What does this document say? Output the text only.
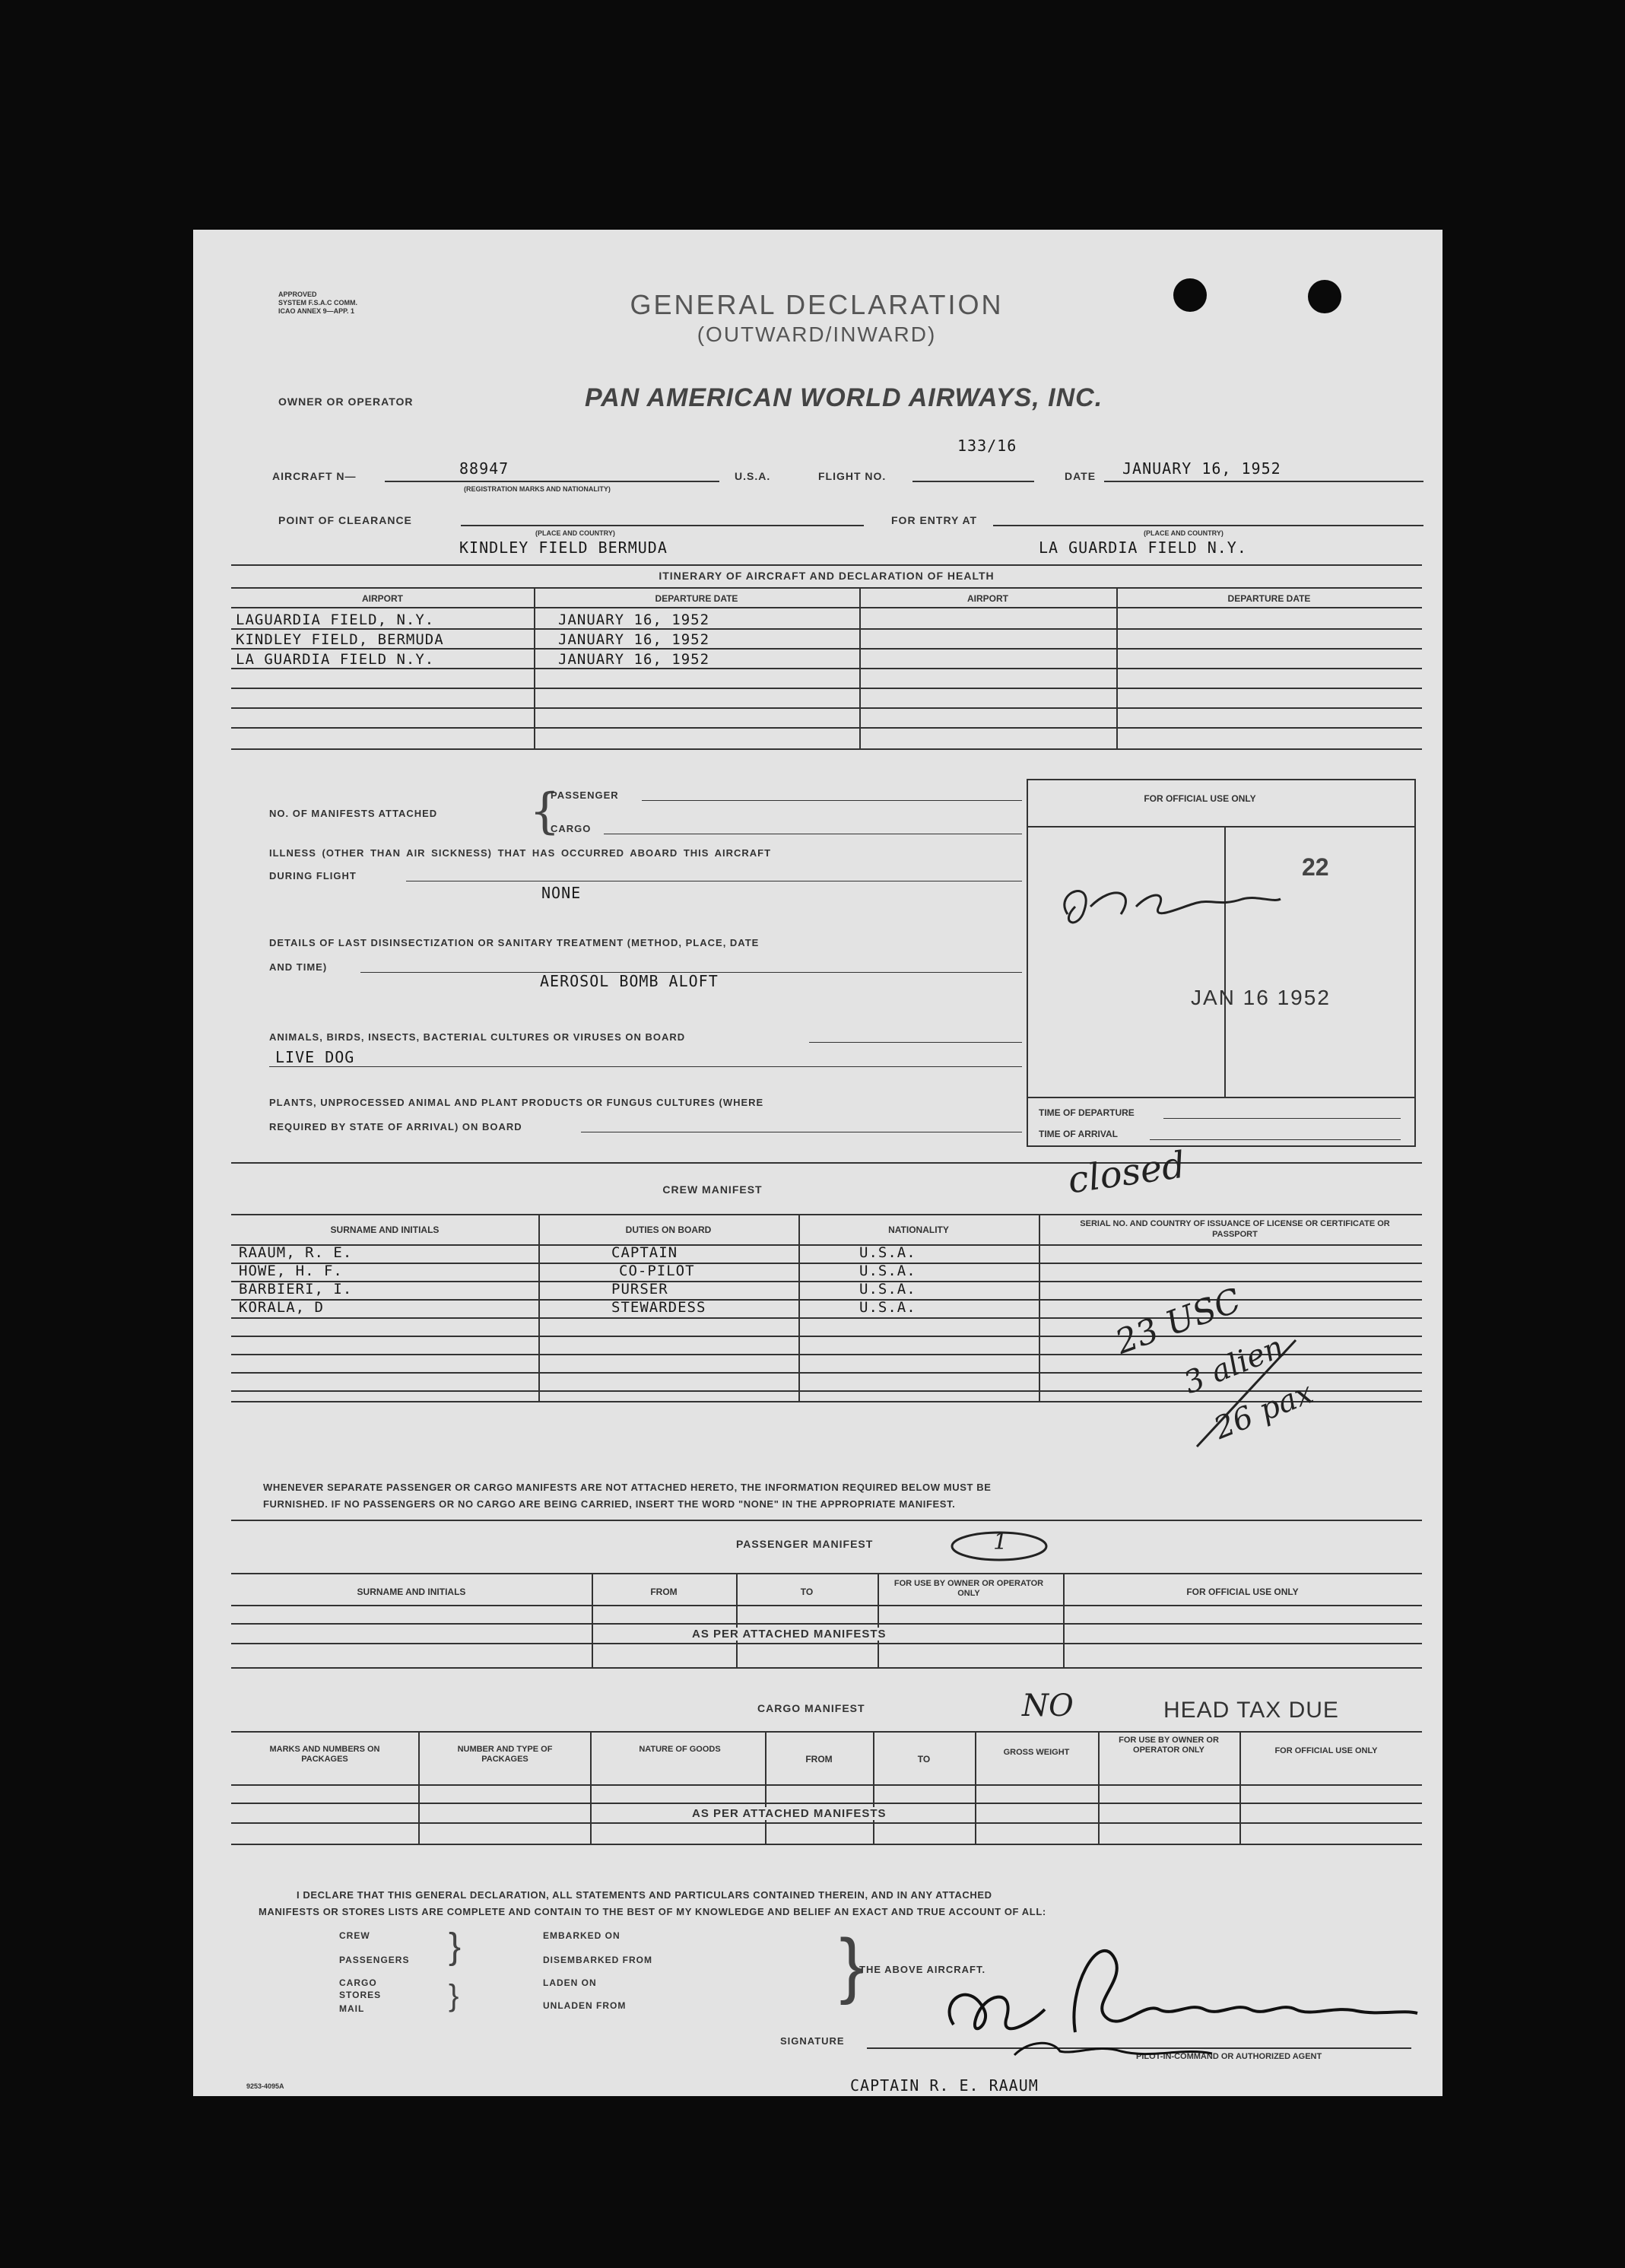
APPROVED
SYSTEM F.S.A.C COMM.
ICAO ANNEX 9—APP. 1	GENERAL DECLARATION
(OUTWARD/INWARD)
OWNER OR OPERATOR	PAN AMERICAN WORLD AIRWAYS, INC.
AIRCRAFT N—	88947
(REGISTRATION MARKS AND NATIONALITY)
U.S.A.	FLIGHT NO.
133/16
DATE JANUARY 16, 1952
POINT OF CLEARANCE
(PLACE AND COUNTRY)
KINDLEY FIELD BERMUDA
FOR ENTRY AT
(PLACE AND COUNTRY)
LA GUARDIA FIELD N.Y.
ITINERARY OF AIRCRAFT AND DECLARATION OF HEALTH
AIRPORT	DEPARTURE DATE	AIRPORT	DEPARTURE DATE
LAGUARDIA FIELD, N.Y.	JANUARY 16, 1952
KINDLEY FIELD, BERMUDA	JANUARY 16, 1952
LA GUARDIA FIELD N.Y.	JANUARY 16, 1952
NO. OF MANIFESTS ATTACHED {
PASSENGER
CARGO
ILLNESS (OTHER THAN AIR SICKNESS) THAT HAS OCCURRED ABOARD THIS AIRCRAFT
DURING FLIGHT
NONE
DETAILS OF LAST DISINSECTIZATION OR SANITARY TREATMENT (METHOD, PLACE, DATE
AND TIME)
AEROSOL BOMB ALOFT
ANIMALS, BIRDS, INSECTS, BACTERIAL CULTURES OR VIRUSES ON BOARD
LIVE DOG
PLANTS, UNPROCESSED ANIMAL AND PLANT PRODUCTS OR FUNGUS CULTURES (WHERE
REQUIRED BY STATE OF ARRIVAL) ON BOARD
FOR OFFICIAL USE ONLY
22
JAN 16 1952
TIME OF DEPARTURE
TIME OF ARRIVAL
CREW MANIFEST
SURNAME AND INITIALS	DUTIES ON BOARD	NATIONALITY
SERIAL NO. AND COUNTRY OF ISSUANCE OF LICENSE OR CERTIFICATE OR PASSPORT
RAAUM, R. E.	CAPTAIN	U.S.A.
HOWE, H. F.	CO-PILOT	U.S.A.
BARBIERI, I.	PURSER	U.S.A.
KORALA, D	STEWARDESS	U.S.A.
closed
23 USC
3 alien
26 pax
WHENEVER SEPARATE PASSENGER OR CARGO MANIFESTS ARE NOT ATTACHED HERETO, THE INFORMATION REQUIRED BELOW MUST BE
FURNISHED. IF NO PASSENGERS OR NO CARGO ARE BEING CARRIED, INSERT THE WORD "NONE" IN THE APPROPRIATE MANIFEST.
PASSENGER MANIFEST	1
SURNAME AND INITIALS	FROM	TO
FOR USE BY OWNER OR OPERATOR ONLY	FOR OFFICIAL USE ONLY
AS PER ATTACHED MANIFESTS
CARGO MANIFEST	NO	HEAD TAX DUE
MARKS AND NUMBERS ON PACKAGES
NUMBER AND TYPE OF PACKAGES
NATURE OF GOODS
FROM	TO
GROSS WEIGHT
FOR USE BY OWNER OR OPERATOR ONLY	FOR OFFICIAL USE ONLY
AS PER ATTACHED MANIFESTS
I DECLARE THAT THIS GENERAL DECLARATION, ALL STATEMENTS AND PARTICULARS CONTAINED THEREIN, AND IN ANY ATTACHED
MANIFESTS OR STORES LISTS ARE COMPLETE AND CONTAIN TO THE BEST OF MY KNOWLEDGE AND BELIEF AN EXACT AND TRUE ACCOUNT OF ALL:
CREW
PASSENGERS
CARGO
STORES
MAIL
}
}
EMBARKED ON
DISEMBARKED FROM
LADEN ON
UNLADEN FROM	}
THE ABOVE AIRCRAFT.
SIGNATURE
PILOT-IN-COMMAND OR AUTHORIZED AGENT
CAPTAIN R. E. RAAUM
9253-4095A
